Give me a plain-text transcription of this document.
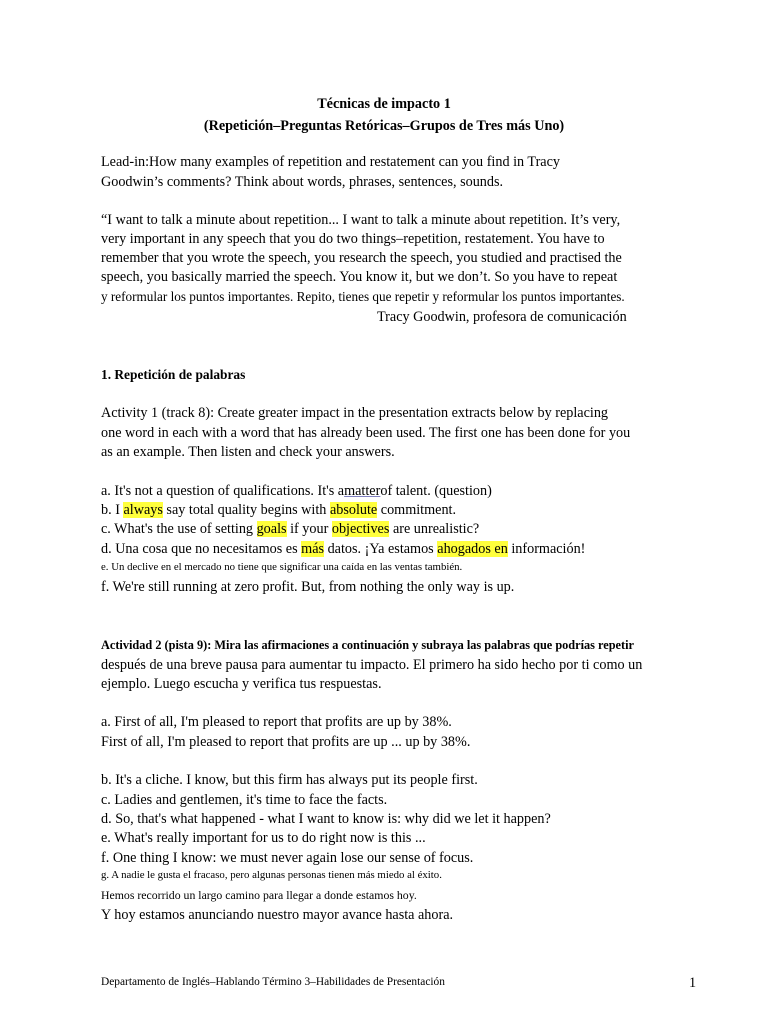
Técnicas de impacto 1
(Repetición–Preguntas Retóricas–Grupos de Tres más Uno)
Lead-in:How many examples of repetition and restatement can you find in Tracy
Goodwin’s comments? Think about words, phrases, sentences, sounds.
“I want to talk a minute about repetition... I want to talk a minute about repetition. It’s very,
very important in any speech that you do two things–repetition, restatement. You have to
remember that you wrote the speech, you research the speech, you studied and practised the
speech, you basically married the speech. You know it, but we don’t. So you have to repeat
y reformular los puntos importantes. Repito, tienes que repetir y reformular los puntos importantes.
Tracy Goodwin, profesora de comunicación
1. Repetición de palabras
Activity 1 (track 8): Create greater impact in the presentation extracts below by replacing
one word in each with a word that has already been used. The first one has been done for you
as an example. Then listen and check your answers.
a. It's not a question of qualifications. It's amatterof talent. (question)
b. I always say total quality begins with absolute commitment.
c. What's the use of setting goals if your objectives are unrealistic?
d. Una cosa que no necesitamos es más datos. ¡Ya estamos ahogados en información!
e. Un declive en el mercado no tiene que significar una caída en las ventas también.
f. We're still running at zero profit. But, from nothing the only way is up.
Actividad 2 (pista 9): Mira las afirmaciones a continuación y subraya las palabras que podrías repetir
después de una breve pausa para aumentar tu impacto. El primero ha sido hecho por ti como un
ejemplo. Luego escucha y verifica tus respuestas.
a. First of all, I'm pleased to report that profits are up by 38%.
First of all, I'm pleased to report that profits are up ... up by 38%.
b. It's a cliche. I know, but this firm has always put its people first.
c. Ladies and gentlemen, it's time to face the facts.
d. So, that's what happened - what I want to know is: why did we let it happen?
e. What's really important for us to do right now is this ...
f. One thing I know: we must never again lose our sense of focus.
g. A nadie le gusta el fracaso, pero algunas personas tienen más miedo al éxito.
Hemos recorrido un largo camino para llegar a donde estamos hoy.
Y hoy estamos anunciando nuestro mayor avance hasta ahora.
Departamento de Inglés–Hablando Término 3–Habilidades de Presentación	1
